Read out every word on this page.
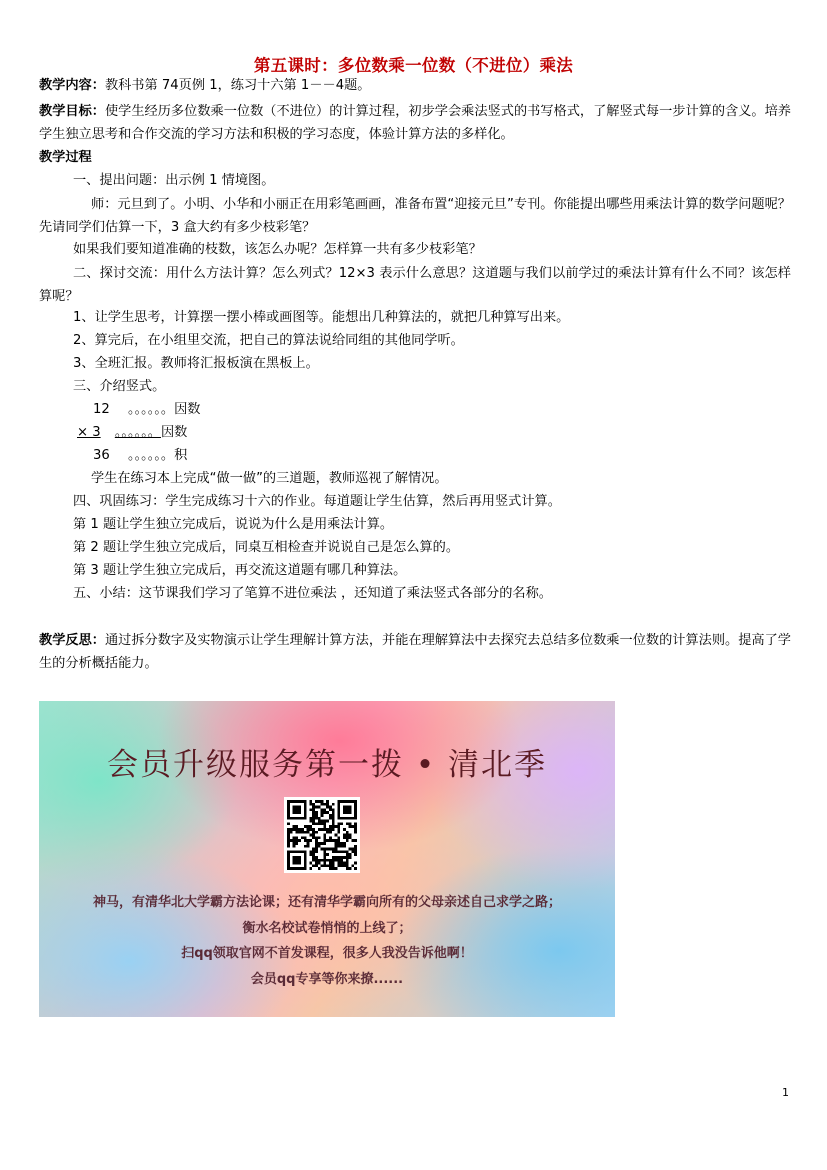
第五课时：多位数乘一位数（不进位）乘法
教学内容：教科书第 74页例 1，练习十六第 1－－4题。

教学目标：使学生经历多位数乘一位数（不进位）的计算过程，初步学会乘法竖式的书写格式，了解竖式每一步计算的含义。培养学生独立思考和合作交流的学习方法和积极的学习态度，体验计算方法的多样化。

教学过程
一、提出问题：出示例 1 情境图。

师：元旦到了。小明、小华和小丽正在用彩笔画画，准备布置“迎接元旦”专刊。你能提出哪些用乘法计算的数学问题呢？先请同学们估算一下，3 盒大约有多少枝彩笔？

如果我们要知道准确的枝数，该怎么办呢？怎样算一共有多少枝彩笔？

二、探讨交流：用什么方法计算？怎么列式？12×3 表示什么意思？这道题与我们以前学过的乘法计算有什么不同？该怎样算呢？

1、让学生思考，计算摆一摆小棒或画图等。能想出几种算法的，就把几种算写出来。
2、算完后，在小组里交流，把自己的算法说给同组的其他同学听。
3、全班汇报。教师将汇报板演在黑板上。
三、介绍竖式。
12 。。。。。。因数
× 3 。。。。。。因数
36 。。。。。。积
学生在练习本上完成“做一做”的三道题，教师巡视了解情况。
四、巩固练习：学生完成练习十六的作业。每道题让学生估算，然后再用竖式计算。
第 1 题让学生独立完成后，说说为什么是用乘法计算。
第 2 题让学生独立完成后，同桌互相检查并说说自己是怎么算的。
第 3 题让学生独立完成后，再交流这道题有哪几种算法。
五、小结：这节课我们学习了笔算不进位乘法 ，还知道了乘法竖式各部分的名称。

教学反思：通过拆分数字及实物演示让学生理解计算方法，并能在理解算法中去探究去总结多位数乘一位数的计算法则。提高了学生的分析概括能力。

会员升级服务第一拨 • 清北季
神马，有清华北大学霸方法论课；还有清华学霸向所有的父母亲述自己求学之路；
衡水名校试卷悄悄的上线了；
扫qq领取官网不首发课程，很多人我没告诉他啊！
会员qq专享等你来撩......
1
